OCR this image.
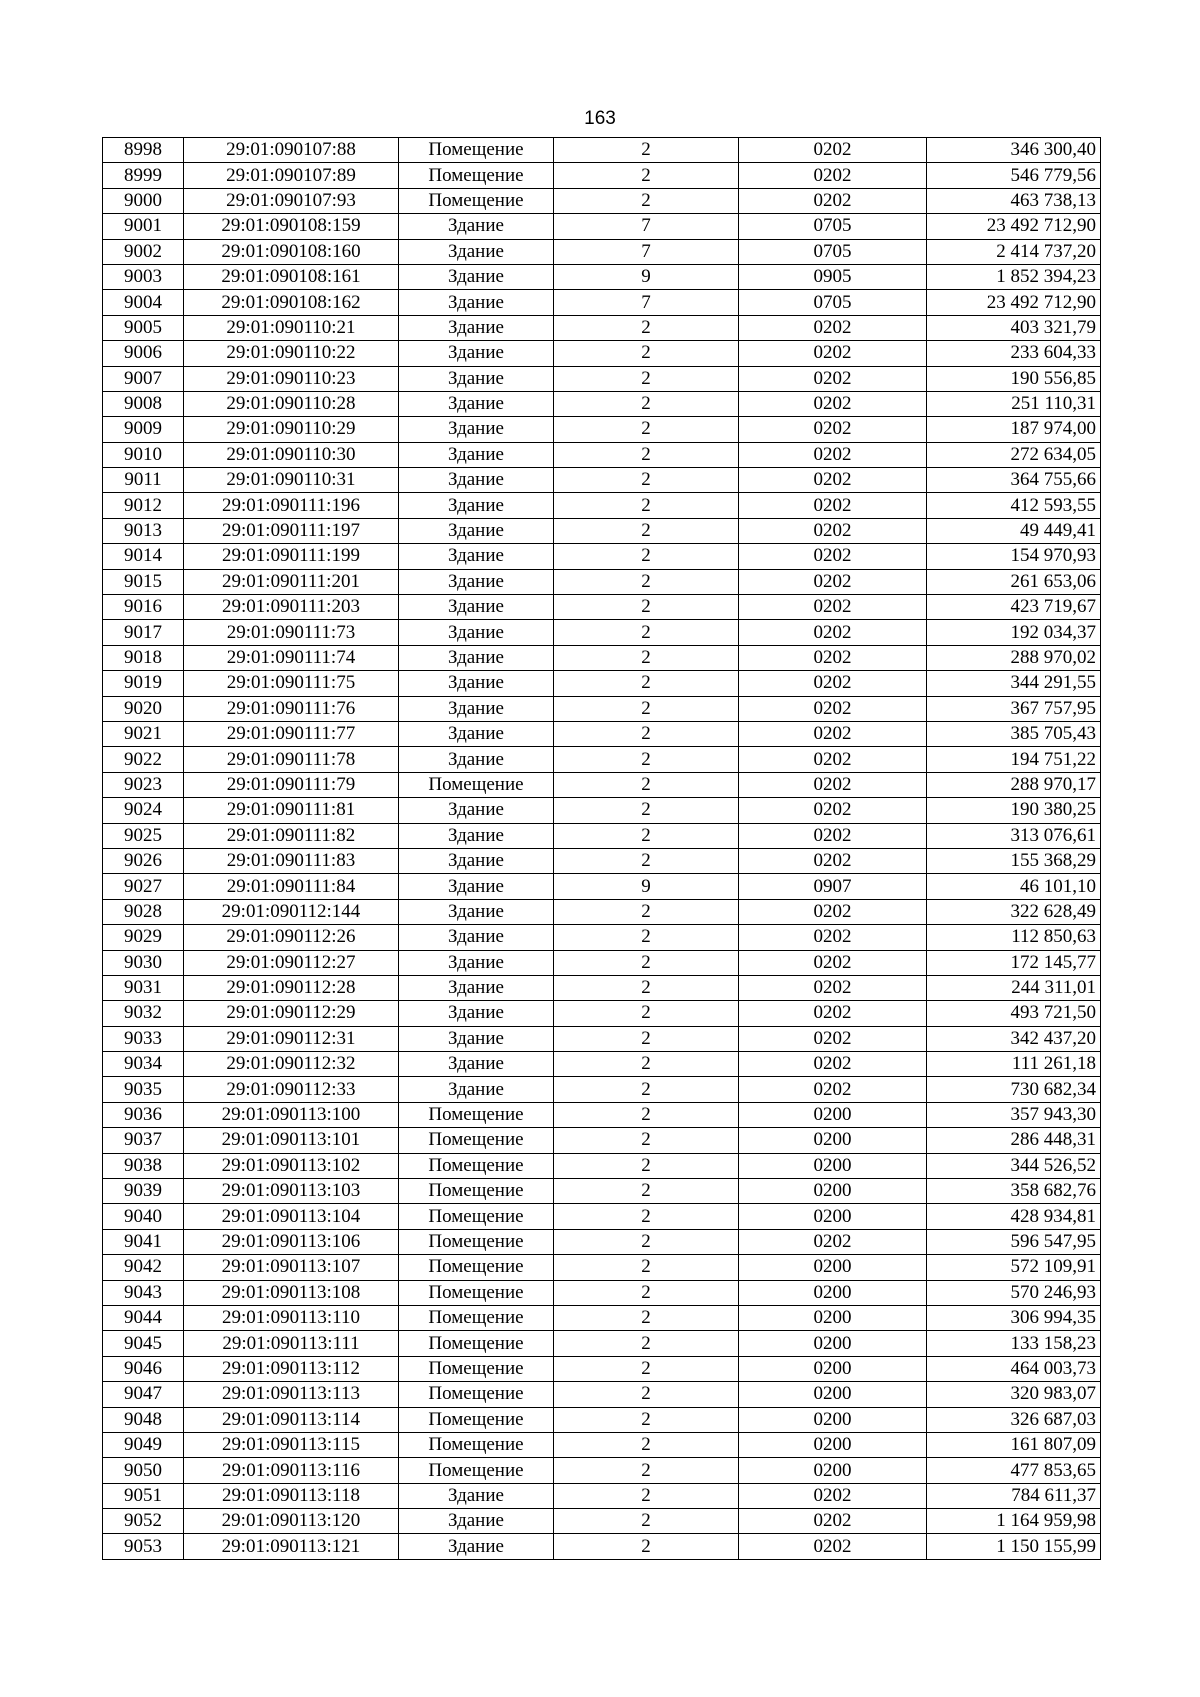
163
8998	29:01:090107:88	Помещение	2	0202	346 300,40
8999	29:01:090107:89	Помещение	2	0202	546 779,56
9000	29:01:090107:93	Помещение	2	0202	463 738,13
9001	29:01:090108:159	Здание	7	0705	23 492 712,90
9002	29:01:090108:160	Здание	7	0705	2 414 737,20
9003	29:01:090108:161	Здание	9	0905	1 852 394,23
9004	29:01:090108:162	Здание	7	0705	23 492 712,90
9005	29:01:090110:21	Здание	2	0202	403 321,79
9006	29:01:090110:22	Здание	2	0202	233 604,33
9007	29:01:090110:23	Здание	2	0202	190 556,85
9008	29:01:090110:28	Здание	2	0202	251 110,31
9009	29:01:090110:29	Здание	2	0202	187 974,00
9010	29:01:090110:30	Здание	2	0202	272 634,05
9011	29:01:090110:31	Здание	2	0202	364 755,66
9012	29:01:090111:196	Здание	2	0202	412 593,55
9013	29:01:090111:197	Здание	2	0202	49 449,41
9014	29:01:090111:199	Здание	2	0202	154 970,93
9015	29:01:090111:201	Здание	2	0202	261 653,06
9016	29:01:090111:203	Здание	2	0202	423 719,67
9017	29:01:090111:73	Здание	2	0202	192 034,37
9018	29:01:090111:74	Здание	2	0202	288 970,02
9019	29:01:090111:75	Здание	2	0202	344 291,55
9020	29:01:090111:76	Здание	2	0202	367 757,95
9021	29:01:090111:77	Здание	2	0202	385 705,43
9022	29:01:090111:78	Здание	2	0202	194 751,22
9023	29:01:090111:79	Помещение	2	0202	288 970,17
9024	29:01:090111:81	Здание	2	0202	190 380,25
9025	29:01:090111:82	Здание	2	0202	313 076,61
9026	29:01:090111:83	Здание	2	0202	155 368,29
9027	29:01:090111:84	Здание	9	0907	46 101,10
9028	29:01:090112:144	Здание	2	0202	322 628,49
9029	29:01:090112:26	Здание	2	0202	112 850,63
9030	29:01:090112:27	Здание	2	0202	172 145,77
9031	29:01:090112:28	Здание	2	0202	244 311,01
9032	29:01:090112:29	Здание	2	0202	493 721,50
9033	29:01:090112:31	Здание	2	0202	342 437,20
9034	29:01:090112:32	Здание	2	0202	111 261,18
9035	29:01:090112:33	Здание	2	0202	730 682,34
9036	29:01:090113:100	Помещение	2	0200	357 943,30
9037	29:01:090113:101	Помещение	2	0200	286 448,31
9038	29:01:090113:102	Помещение	2	0200	344 526,52
9039	29:01:090113:103	Помещение	2	0200	358 682,76
9040	29:01:090113:104	Помещение	2	0200	428 934,81
9041	29:01:090113:106	Помещение	2	0202	596 547,95
9042	29:01:090113:107	Помещение	2	0200	572 109,91
9043	29:01:090113:108	Помещение	2	0200	570 246,93
9044	29:01:090113:110	Помещение	2	0200	306 994,35
9045	29:01:090113:111	Помещение	2	0200	133 158,23
9046	29:01:090113:112	Помещение	2	0200	464 003,73
9047	29:01:090113:113	Помещение	2	0200	320 983,07
9048	29:01:090113:114	Помещение	2	0200	326 687,03
9049	29:01:090113:115	Помещение	2	0200	161 807,09
9050	29:01:090113:116	Помещение	2	0200	477 853,65
9051	29:01:090113:118	Здание	2	0202	784 611,37
9052	29:01:090113:120	Здание	2	0202	1 164 959,98
9053	29:01:090113:121	Здание	2	0202	1 150 155,99
